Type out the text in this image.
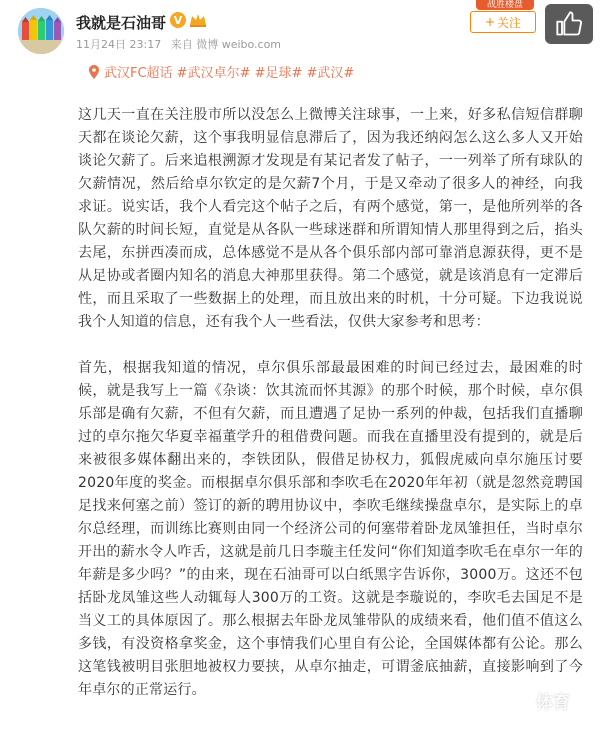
我就是石油哥 V
11月24日 23:17 来自 微博 weibo.com
战胜楼盘
+ 关注
武汉FC超话 #武汉卓尔# #足球# #武汉#

这几天一直在关注股市所以没怎么上微博关注球事，一上来，好多私信短信群聊天都在谈论欠薪，这个事我明显信息滞后了，因为我还纳闷怎么这么多人又开始谈论欠薪了。后来追根溯源才发现是有某记者发了帖子，一一列举了所有球队的欠薪情况，然后给卓尔钦定的是欠薪7个月，于是又牵动了很多人的神经，向我求证。说实话，我个人看完这个帖子之后，有两个感觉，第一，是他所列举的各队欠薪的时间长短，直觉是从各队一些球迷群和所谓知情人那里得到之后，掐头去尾，东拼西凑而成，总体感觉不是从各个俱乐部内部可靠消息源获得，更不是从足协或者圈内知名的消息大神那里获得。第二个感觉，就是该消息有一定滞后性，而且采取了一些数据上的处理，而且放出来的时机，十分可疑。下边我说说我个人知道的信息，还有我个人一些看法，仅供大家参考和思考：

首先，根据我知道的情况，卓尔俱乐部最最困难的时间已经过去，最困难的时候，就是我写上一篇《杂谈：饮其流而怀其源》的那个时候，那个时候，卓尔俱乐部是确有欠薪，不但有欠薪，而且遭遇了足协一系列的仲裁，包括我们直播聊过的卓尔拖欠华夏幸福董学升的租借费问题。而我在直播里没有提到的，就是后来被很多媒体翻出来的，李铁团队，假借足协权力，狐假虎威向卓尔施压讨要2020年度的奖金。而根据卓尔俱乐部和李吹毛在2020年年初（就是忽然竞聘国足找来何塞之前）签订的新的聘用协议中，李吹毛继续操盘卓尔，是实际上的卓尔总经理，而训练比赛则由同一个经济公司的何塞带着卧龙凤雏担任，当时卓尔开出的薪水令人咋舌，这就是前几日李璇主任发问“你们知道李吹毛在卓尔一年的年薪是多少吗？”的由来，现在石油哥可以白纸黑字告诉你，3000万。这还不包括卧龙凤雏这些人动辄每人300万的工资。这就是李璇说的，李吹毛去国足不是当义工的具体原因了。那么根据去年卧龙凤雏带队的成绩来看，他们值不值这么多钱，有没资格拿奖金，这个事情我们心里自有公论，全国媒体都有公论。那么这笔钱被明目张胆地被权力要挟，从卓尔抽走，可谓釜底抽薪，直接影响到了今年卓尔的正常运行。

体育
